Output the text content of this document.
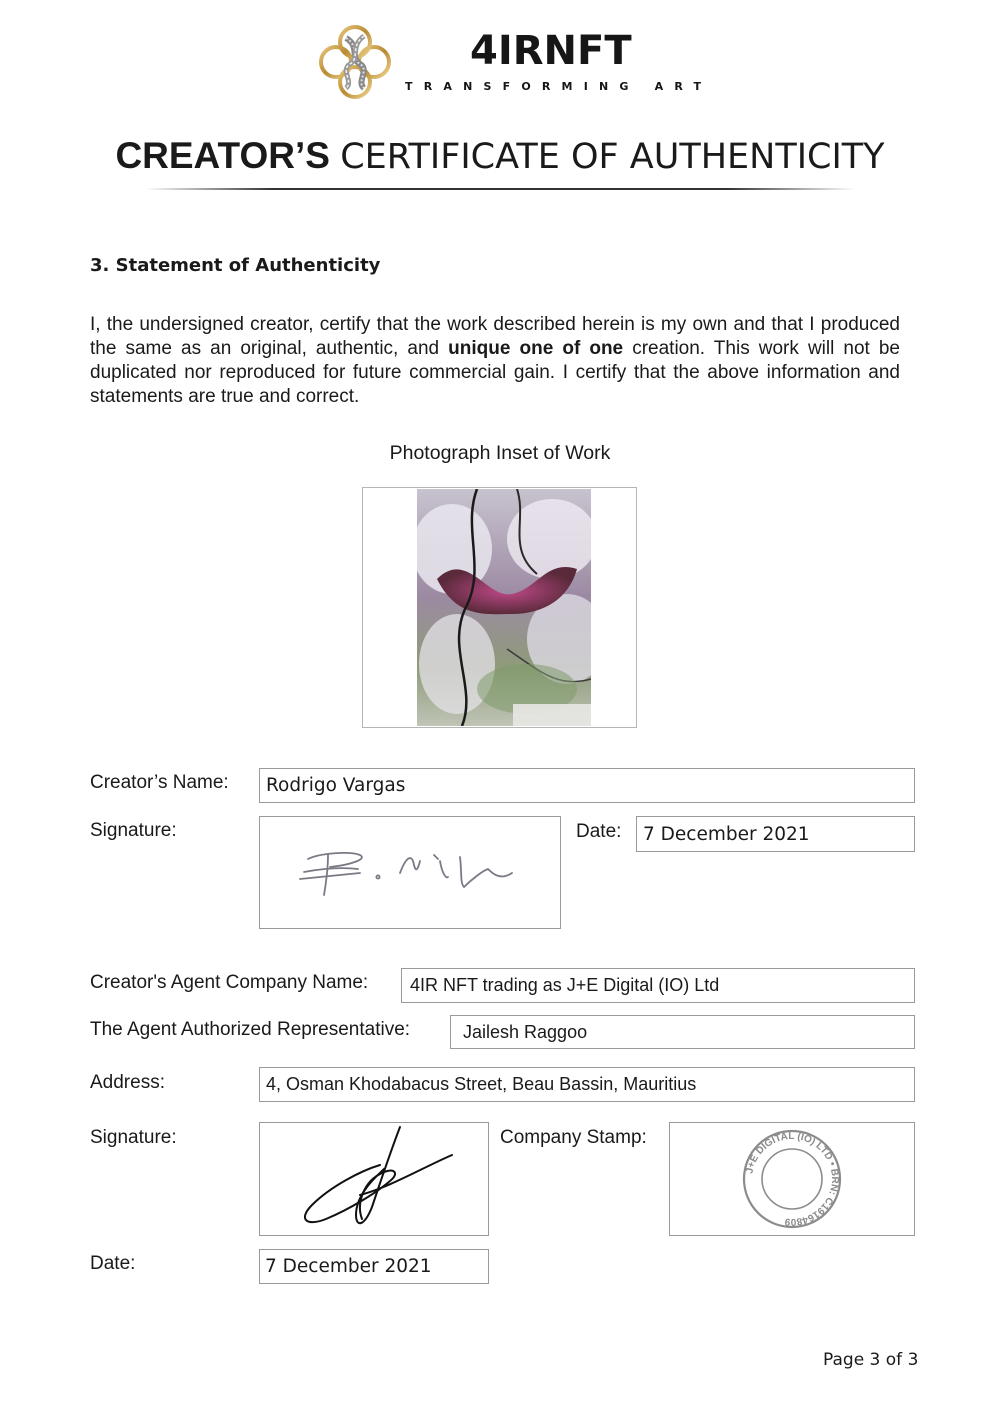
4IRNFT
TRANSFORMING ART
CREATOR’S CERTIFICATE OF AUTHENTICITY
3. Statement of Authenticity
I, the undersigned creator, certify that the work described herein is my own and that I produced the same as an original, authentic, and unique one of one creation. This work will not be duplicated nor reproduced for future commercial gain. I certify that the above information and statements are true and correct.
Photograph Inset of Work
Creator’s Name: Rodrigo Vargas
Signature:	Date: 7 December 2021
Creator's Agent Company Name: 4IR NFT trading as J+E Digital (IO) Ltd
The Agent Authorized Representative:	Jailesh Raggoo
Address:	4, Osman Khodabacus Street, Beau Bassin, Mauritius
Signature:	Company Stamp:
J+E DIGITAL (IO) LTD • BRN: C19164809
Date:	7 December 2021
Page 3 of 3
